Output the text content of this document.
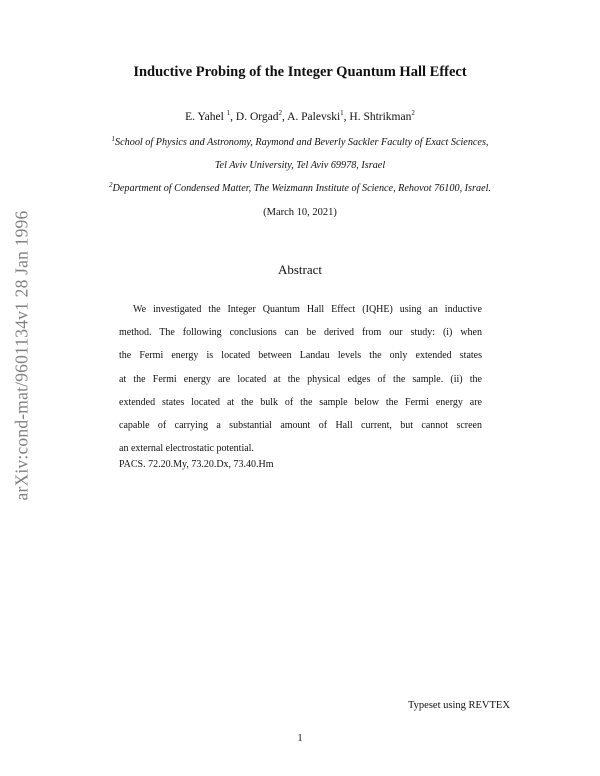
arXiv:cond-mat/9601134v1 28 Jan 1996
Inductive Probing of the Integer Quantum Hall Effect
E. Yahel $^1$, D. Orgad$^2$, A. Palevski$^1$, H. Shtrikman$^2$
$^1$School of Physics and Astronomy, Raymond and Beverly Sackler Faculty of Exact Sciences,
Tel Aviv University, Tel Aviv 69978, Israel
$^2$Department of Condensed Matter, The Weizmann Institute of Science, Rehovot 76100, Israel.
(March 10, 2021)
Abstract
We investigated the Integer Quantum Hall Effect (IQHE) using an inductive
method. The following conclusions can be derived from our study: (i) when
the Fermi energy is located between Landau levels the only extended states
at the Fermi energy are located at the physical edges of the sample. (ii) the
extended states located at the bulk of the sample below the Fermi energy are
capable of carrying a substantial amount of Hall current, but cannot screen
an external electrostatic potential.
PACS. 72.20.My, 73.20.Dx, 73.40.Hm
Typeset using REVTEX
1
